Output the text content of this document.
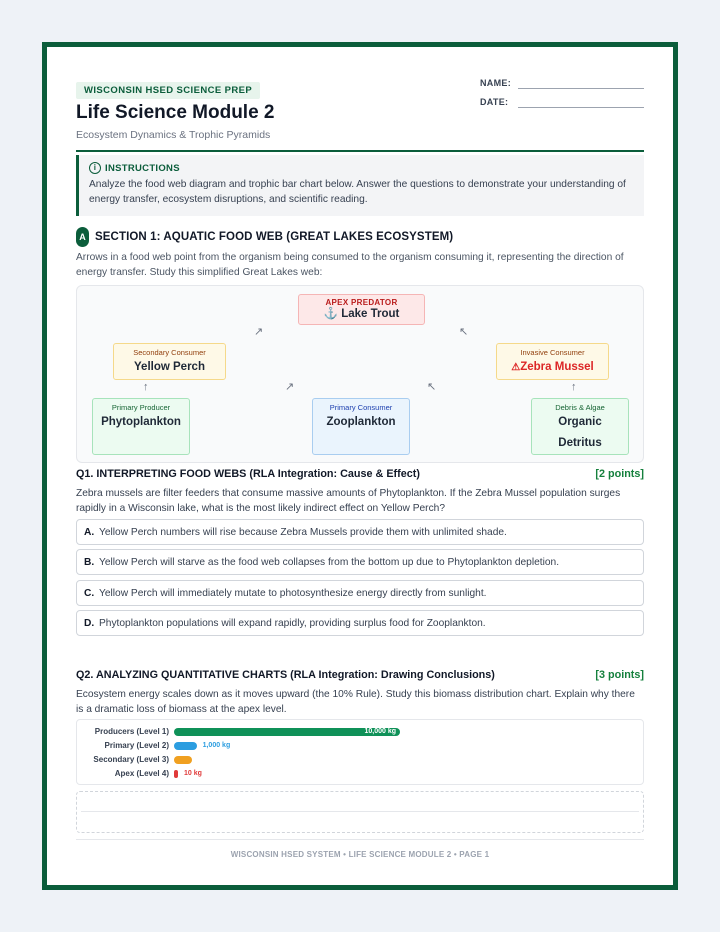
WISCONSIN HSED SCIENCE PREP
Life Science Module 2
Ecosystem Dynamics & Trophic Pyramids
NAME:
DATE:
i INSTRUCTIONS
Analyze the food web diagram and trophic bar chart below. Answer the questions to demonstrate your understanding of energy transfer, ecosystem disruptions, and scientific reading.
A SECTION 1: AQUATIC FOOD WEB (GREAT LAKES ECOSYSTEM)
Arrows in a food web point from the organism being consumed to the organism consuming it, representing the direction of energy transfer. Study this simplified Great Lakes web:
APEX PREDATOR
⚓ Lake Trout
Secondary Consumer
Yellow Perch
Invasive Consumer
⚠Zebra Mussel
Primary Producer
Phytoplankton
Primary Consumer
Zooplankton
Debris & Algae
Organic Detritus
↗	↖
↑	↗	↖	↑
Q1. INTERPRETING FOOD WEBS (RLA Integration: Cause & Effect)	[2 points]
Zebra mussels are filter feeders that consume massive amounts of Phytoplankton. If the Zebra Mussel population surges rapidly in a Wisconsin lake, what is the most likely indirect effect on Yellow Perch?
A. Yellow Perch numbers will rise because Zebra Mussels provide them with unlimited shade.
B. Yellow Perch will starve as the food web collapses from the bottom up due to Phytoplankton depletion.
C. Yellow Perch will immediately mutate to photosynthesize energy directly from sunlight.
D. Phytoplankton populations will expand rapidly, providing surplus food for Zooplankton.
Q2. ANALYZING QUANTITATIVE CHARTS (RLA Integration: Drawing Conclusions)	[3 points]
Ecosystem energy scales down as it moves upward (the 10% Rule). Study this biomass distribution chart. Explain why there is a dramatic loss of biomass at the apex level.
Producers (Level 1)	10,000 kg
Primary (Level 2)	1,000 kg
Secondary (Level 3)
Apex (Level 4) 10 kg
WISCONSIN HSED SYSTEM • LIFE SCIENCE MODULE 2 • PAGE 1
